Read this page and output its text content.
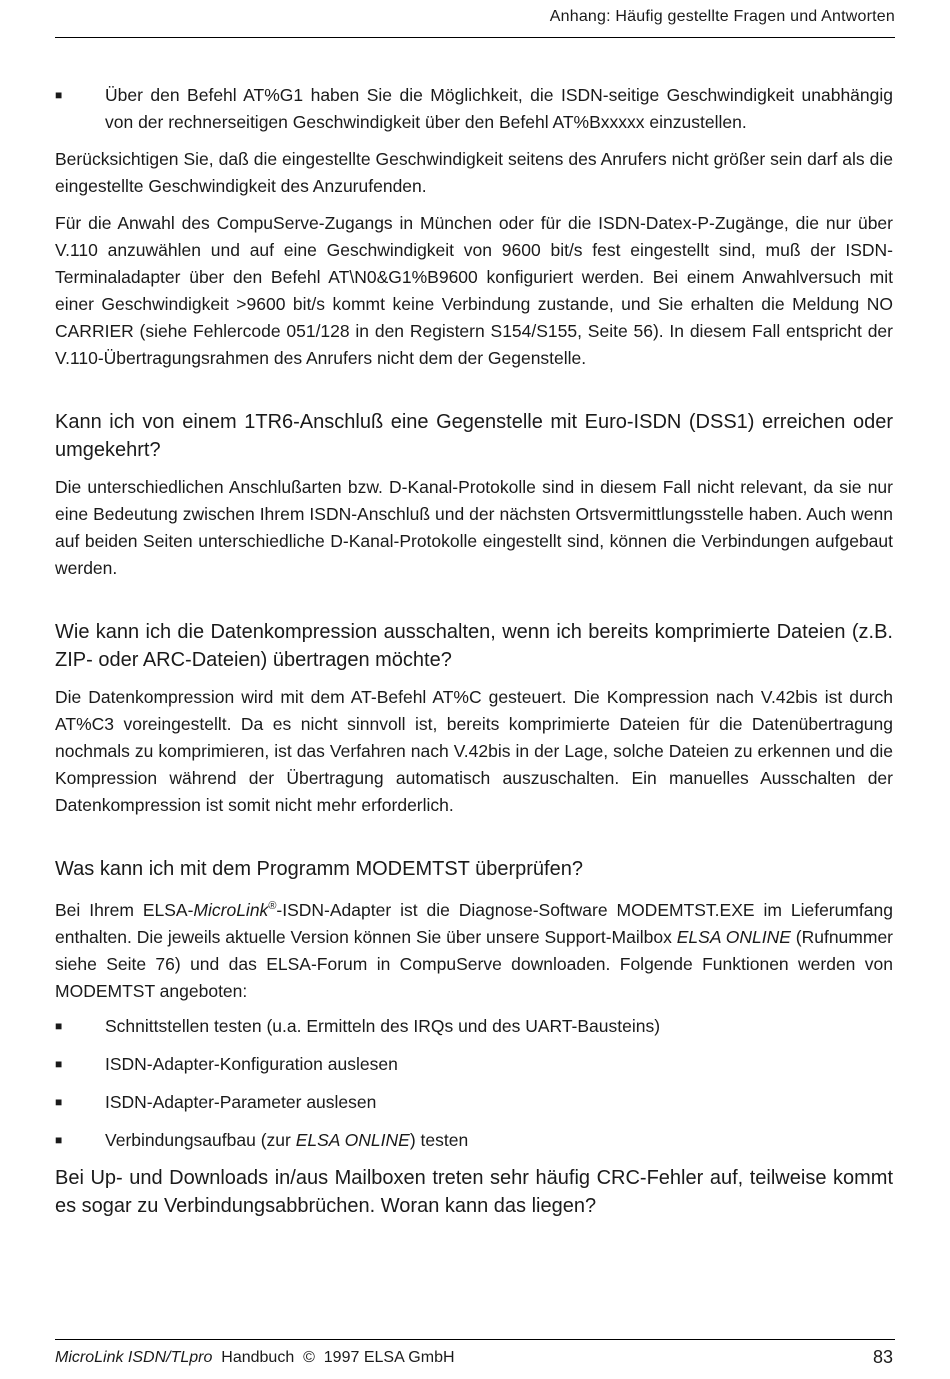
Anhang: Häufig gestellte Fragen und Antworten
■
Über den Befehl AT%G1 haben Sie die Möglichkeit, die ISDN-seitige Geschwindigkeit unabhängig von der rechnerseitigen Geschwindigkeit über den Befehl AT%Bxxxxx einzustellen.

Berücksichtigen Sie, daß die eingestellte Geschwindigkeit seitens des Anrufers nicht größer sein darf als die eingestellte Geschwindigkeit des Anzurufenden.

Für die Anwahl des CompuServe-Zugangs in München oder für die ISDN-Datex-P-Zugänge, die nur über V.110 anzuwählen und auf eine Geschwindigkeit von 9600 bit/s fest eingestellt sind, muß der ISDN-Terminaladapter über den Befehl AT\N0&G1%B9600 konfiguriert werden. Bei einem Anwahlversuch mit einer Geschwindigkeit >9600 bit/s kommt keine Verbindung zustande, und Sie erhalten die Meldung NO CARRIER (siehe Fehlercode 051/128 in den Registern S154/S155, Seite 56). In diesem Fall entspricht der V.110-Übertragungsrahmen des Anrufers nicht dem der Gegenstelle.

Kann ich von einem 1TR6-Anschluß eine Gegenstelle mit Euro-ISDN (DSS1) erreichen oder umgekehrt?

Die unterschiedlichen Anschlußarten bzw. D-Kanal-Protokolle sind in diesem Fall nicht relevant, da sie nur eine Bedeutung zwischen Ihrem ISDN-Anschluß und der nächsten Ortsvermittlungsstelle haben. Auch wenn auf beiden Seiten unterschiedliche D-Kanal-Protokolle eingestellt sind, können die Verbindungen aufgebaut werden.

Wie kann ich die Datenkompression ausschalten, wenn ich bereits komprimierte Dateien (z.B. ZIP- oder ARC-Dateien) übertragen möchte?

Die Datenkompression wird mit dem AT-Befehl AT%C gesteuert. Die Kompression nach V.42bis ist durch AT%C3 voreingestellt. Da es nicht sinnvoll ist, bereits komprimierte Dateien für die Datenübertragung nochmals zu komprimieren, ist das Verfahren nach V.42bis in der Lage, solche Dateien zu erkennen und die Kompression während der Übertragung automatisch auszuschalten. Ein manuelles Ausschalten der Datenkompression ist somit nicht mehr erforderlich.

Was kann ich mit dem Programm MODEMTST überprüfen?

Bei Ihrem ELSA-MicroLink®-ISDN-Adapter ist die Diagnose-Software MODEMTST.EXE im Lieferumfang enthalten. Die jeweils aktuelle Version können Sie über unsere Support-Mailbox ELSA ONLINE (Rufnummer siehe Seite 76) und das ELSA-Forum in CompuServe downloaden. Folgende Funktionen werden von MODEMTST angeboten:

■
Schnittstellen testen (u.a. Ermitteln des IRQs und des UART-Bausteins)
■
ISDN-Adapter-Konfiguration auslesen
■
ISDN-Adapter-Parameter auslesen
■
Verbindungsaufbau (zur ELSA ONLINE) testen
Bei Up- und Downloads in/aus Mailboxen treten sehr häufig CRC-Fehler auf, teilweise kommt es sogar zu Verbindungsabbrüchen. Woran kann das liegen?
MicroLink ISDN/TLpro  Handbuch  ©  1997 ELSA GmbH	83
